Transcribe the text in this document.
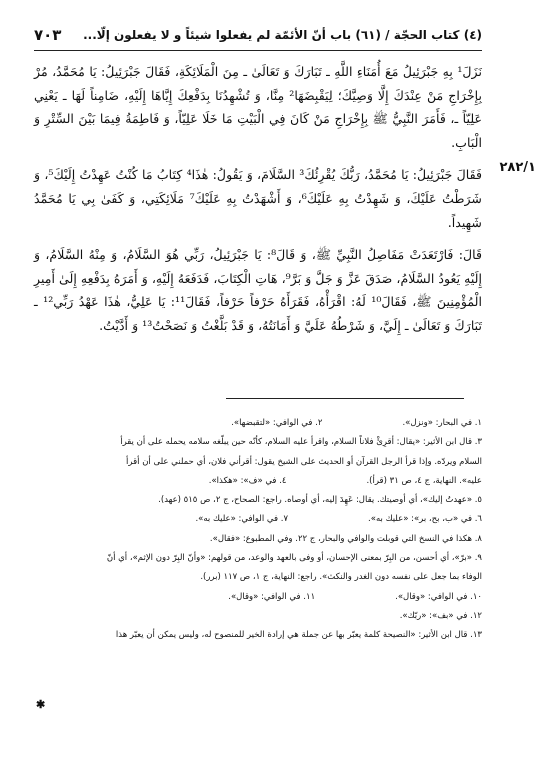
(٤) كتاب الحجّة / (٦١) باب أنّ الأئمّة لم يفعلوا شيئاً و لا يفعلون إلّا...
٧٠٣
٢٨٢/١

نَزَلَ¹ بِهِ جَبْرَئِيلُ مَعَ أُمَنَاءِ اللَّهِ ـ تَبَارَكَ وَ تَعَالَىٰ ـ مِنَ الْمَلَائِكَةِ، فَقَالَ جَبْرَئِيلُ: يَا مُحَمَّدُ، مُرْ بِإِخْرَاجِ مَنْ عِنْدَكَ إِلَّا وَصِيَّكَ؛ لِيَقْبِضَهَا² مِنَّا، وَ تُشْهِدُنَا بِدَفْعِكَ إِيَّاهَا إِلَيْهِ، ضَامِناً لَهَا ـ يَعْنِي عَلِيّاً ـ، فَأَمَرَ النَّبِيُّ ﷺ بِإِخْرَاجِ مَنْ كَانَ فِي الْبَيْتِ مَا خَلَا عَلِيّاً، وَ فَاطِمَةُ فِيمَا بَيْنَ السِّتْرِ وَ الْبَابِ.

فَقَالَ جَبْرَئِيلُ: يَا مُحَمَّدُ، رَبُّكَ يُقْرِئُكَ³ السَّلَامَ، وَ يَقُولُ: هٰذَا⁴ كِتَابُ مَا كُنْتُ عَهِدْتُ إِلَيْكَ⁵، وَ شَرَطْتُ عَلَيْكَ، وَ شَهِدْتُ بِهِ عَلَيْكَ⁶، وَ أَشْهَدْتُ بِهِ عَلَيْكَ⁷ مَلَائِكَتِي، وَ كَفَىٰ بِي يَا مُحَمَّدُ شَهِيداً.

قَالَ: فَارْتَعَدَتْ مَفَاصِلُ النَّبِيِّ ﷺ، وَ قَالَ⁸: يَا جَبْرَئِيلُ، رَبِّي هُوَ السَّلَامُ، وَ مِنْهُ السَّلَامُ، وَ إِلَيْهِ يَعُودُ السَّلَامُ، صَدَقَ عَزَّ وَ جَلَّ وَ بَرَّ⁹، هَاتِ الْكِتَابَ، فَدَفَعَهُ إِلَيْهِ، وَ أَمَرَهُ بِدَفْعِهِ إِلَىٰ أَمِيرِ الْمُؤْمِنِينَ ﷺ، فَقَالَ¹⁰ لَهُ: اقْرَأْهُ، فَقَرَأَهُ حَرْفاً حَرْفاً، فَقَالَ¹¹: يَا عَلِيُّ، هٰذَا عَهْدُ رَبِّي¹² ـ تَبَارَكَ وَ تَعَالَىٰ ـ إِلَيَّ، وَ شَرْطُهُ عَلَيَّ وَ أَمَانَتُهُ، وَ قَدْ بَلَّغْتُ وَ نَصَحْتُ¹³ وَ أَدَّيْتُ.

١. في البحار: «ونزل».
٢. في الوافي: «لتقبضها».
٣. قال ابن الأثير: «يقال: أقرِئْ فلاناً السلام، واقرأ عليه السلام، كأنّه حين يبلّغه سلامه يحمله على أن يقرأ
السلام ويردّه. وإذا قرأ الرجل القرآن أو الحديث على الشيخ يقول: أقرأني فلان، أي حملني على أن أقرأ
عليه». النهاية، ج ٤، ص ٣١ (قرأ).
٤. في «ف»: «هكذا».
٥. «عهدتُ إليك»، أي أوصيتك. يقال: عَهِدَ إليه، أي أوصاه. راجع: الصحاح، ج ٢، ص ٥١٥ (عهد).
٦. في «ب، بح، بر»: «عليك به».
٧. في الوافي: «عليك به».
٨. هكذا في النسخ التي قوبلت والوافي والبحار، ج ٢٢. وفي المطبوع: «فقال».
٩. «برّ»، أي أحسن، من البِرّ بمعنى الإحسان، أو وفى بالعهد والوعد، من قولهم: «وأنّ البِرّ دون الإثم»، أي أنّ
الوفاء بما جعل على نفسه دون الغدر والنكث». راجع: النهاية، ج ١، ص ١١٧ (برر).
١٠. في الوافي: «وقال».
١١. في الوافي: «وقال».
١٢. في «بف»: «ربّك».
١٣. قال ابن الأثير: «النصيحة كلمة يعبّر بها عن جملة هي إرادة الخير للمنصوح له، وليس يمكن أن يعبّر هذا
✱
